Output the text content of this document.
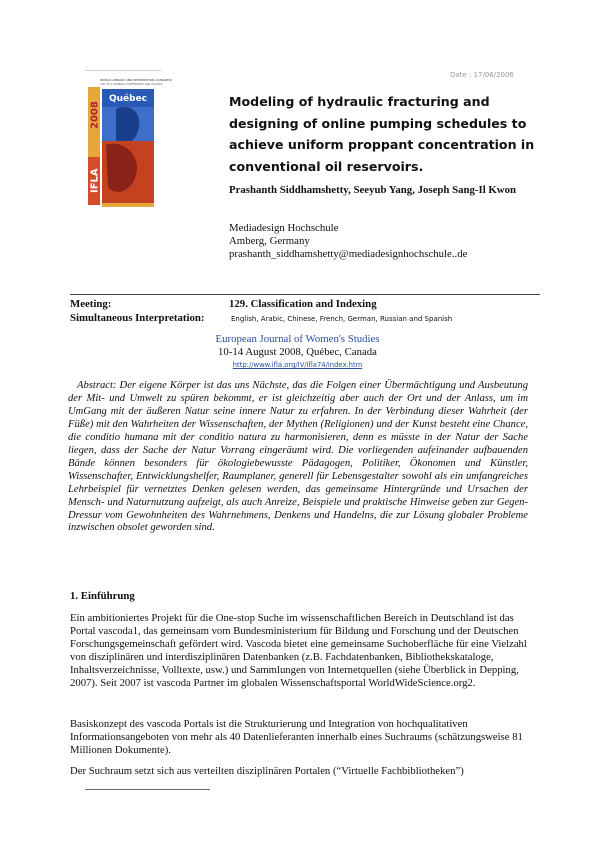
WORLD LIBRARY AND INFORMATION CONGRESS
74th IFLA GENERAL CONFERENCE AND COUNCIL
2008
IFLA
Québec
Date : 17/06/2006
Modeling of hydraulic fracturing and designing of online pumping schedules to achieve uniform proppant concentration in conventional oil reservoirs.
Prashanth Siddhamshetty, Seeyub Yang, Joseph Sang-Il Kwon
Mediadesign Hochschule
Amberg, Germany
prashanth_siddhamshetty@mediadesignhochschule..de
Meeting:	129. Classification and Indexing
Simultaneous Interpretation:	English, Arabic, Chinese, French, German, Russian and Spanish
European Journal of Women's Studies
10-14 August 2008, Québec, Canada
http://www.ifla.org/IV/ifla74/index.htm

Abstract: Der eigene Körper ist das uns Nächste, das die Folgen einer Übermächtigung und Ausbeutung der Mit- und Umwelt zu spüren bekommt, er ist gleichzeitig aber auch der Ort und der Anlass, um im UmGang mit der äußeren Natur seine innere Natur zu erfahren. In der Verbindung dieser Wahrheit (der Füße) mit den Wahrheiten der Wissenschaften, der Mythen (Religionen) und der Kunst besteht eine Chance, die conditio humana mit der conditio natura zu harmonisieren, denn es müsste in der Natur der Sache liegen, dass der Sache der Natur Vorrang eingeräumt wird. Die vorliegenden aufeinander aufbauenden Bände können besonders für ökologiebewusste Pädagogen, Politiker, Ökonomen und Künstler, Wissenschafter, Entwicklungshelfer, Raumplaner, generell für Lebensgestalter sowohl als ein umfangreiches Lehrbeispiel für vernetztes Denken gelesen werden, das gemeinsame Hintergründe und Ursachen der Mensch- und Naturnutzung aufzeigt, als auch Anreize, Beispiele und praktische Hinweise geben zur Gegen-Dressur vom Gewohnheiten des Wahrnehmens, Denkens und Handelns, die zur Lösung globaler Probleme inzwischen obsolet geworden sind.

1. Einführung

Ein ambitioniertes Projekt für die One-stop Suche im wissenschaftlichen Bereich in Deutschland ist das Portal vascoda1, das gemeinsam vom Bundesministerium für Bildung und Forschung und der Deutschen Forschungsgemeinschaft gefördert wird. Vascoda bietet eine gemeinsame Suchoberfläche für eine Vielzahl von disziplinären und interdisziplinären Datenbanken (z.B. Fachdatenbanken, Bibliothekskataloge, Inhaltsverzeichnisse, Volltexte, usw.) und Sammlungen von Internetquellen (siehe Überblick in Depping, 2007). Seit 2007 ist vascoda Partner im globalen Wissenschaftsportal WorldWideScience.org2.

Basiskonzept des vascoda Portals ist die Strukturierung und Integration von hochqualitativen Informationsangeboten von mehr als 40 Datenlieferanten innerhalb eines Suchraums (schätzungsweise 81 Millionen Dokumente).

Der Suchraum setzt sich aus verteilten disziplinären Portalen (“Virtuelle Fachbibliotheken”)
